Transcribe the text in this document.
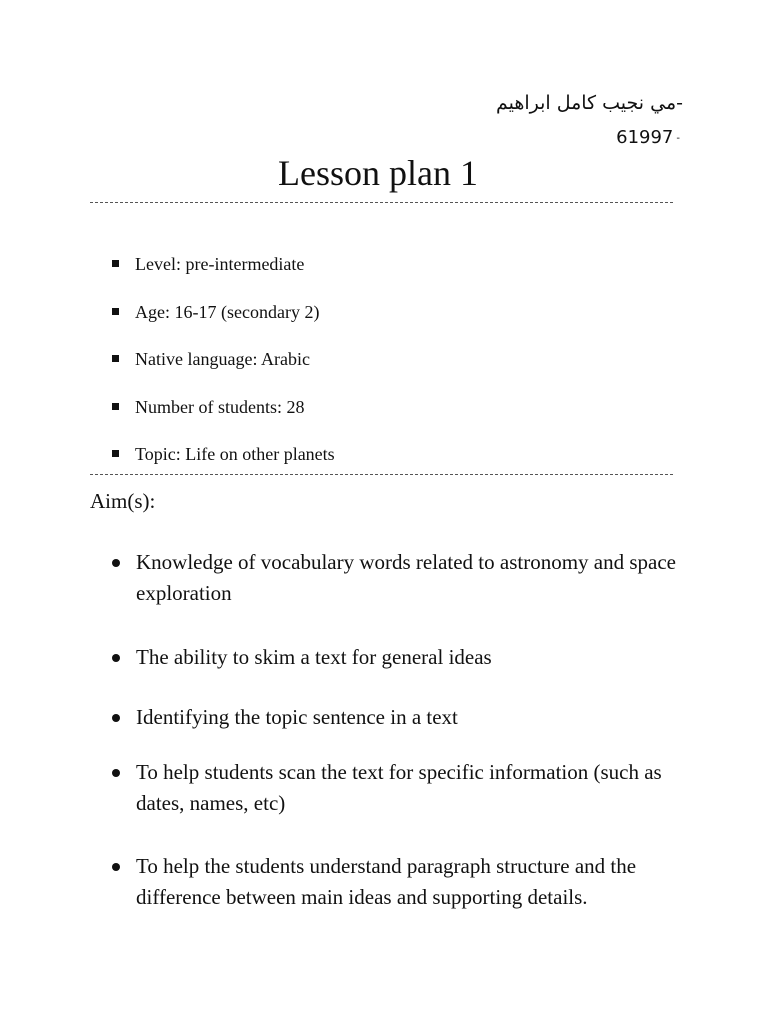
-مي نجيب كامل ابراهيم
61997 -
Lesson plan 1
Level: pre-intermediate
Age: 16-17 (secondary 2)
Native language: Arabic
Number of students: 28
Topic: Life on other planets
Aim(s):
Knowledge of vocabulary words related to astronomy and space exploration
The ability to skim a text for general ideas
Identifying the topic sentence in a text
To help students scan the text for specific information (such as dates, names, etc)
To help the students understand paragraph structure and the difference between main ideas and supporting details.
